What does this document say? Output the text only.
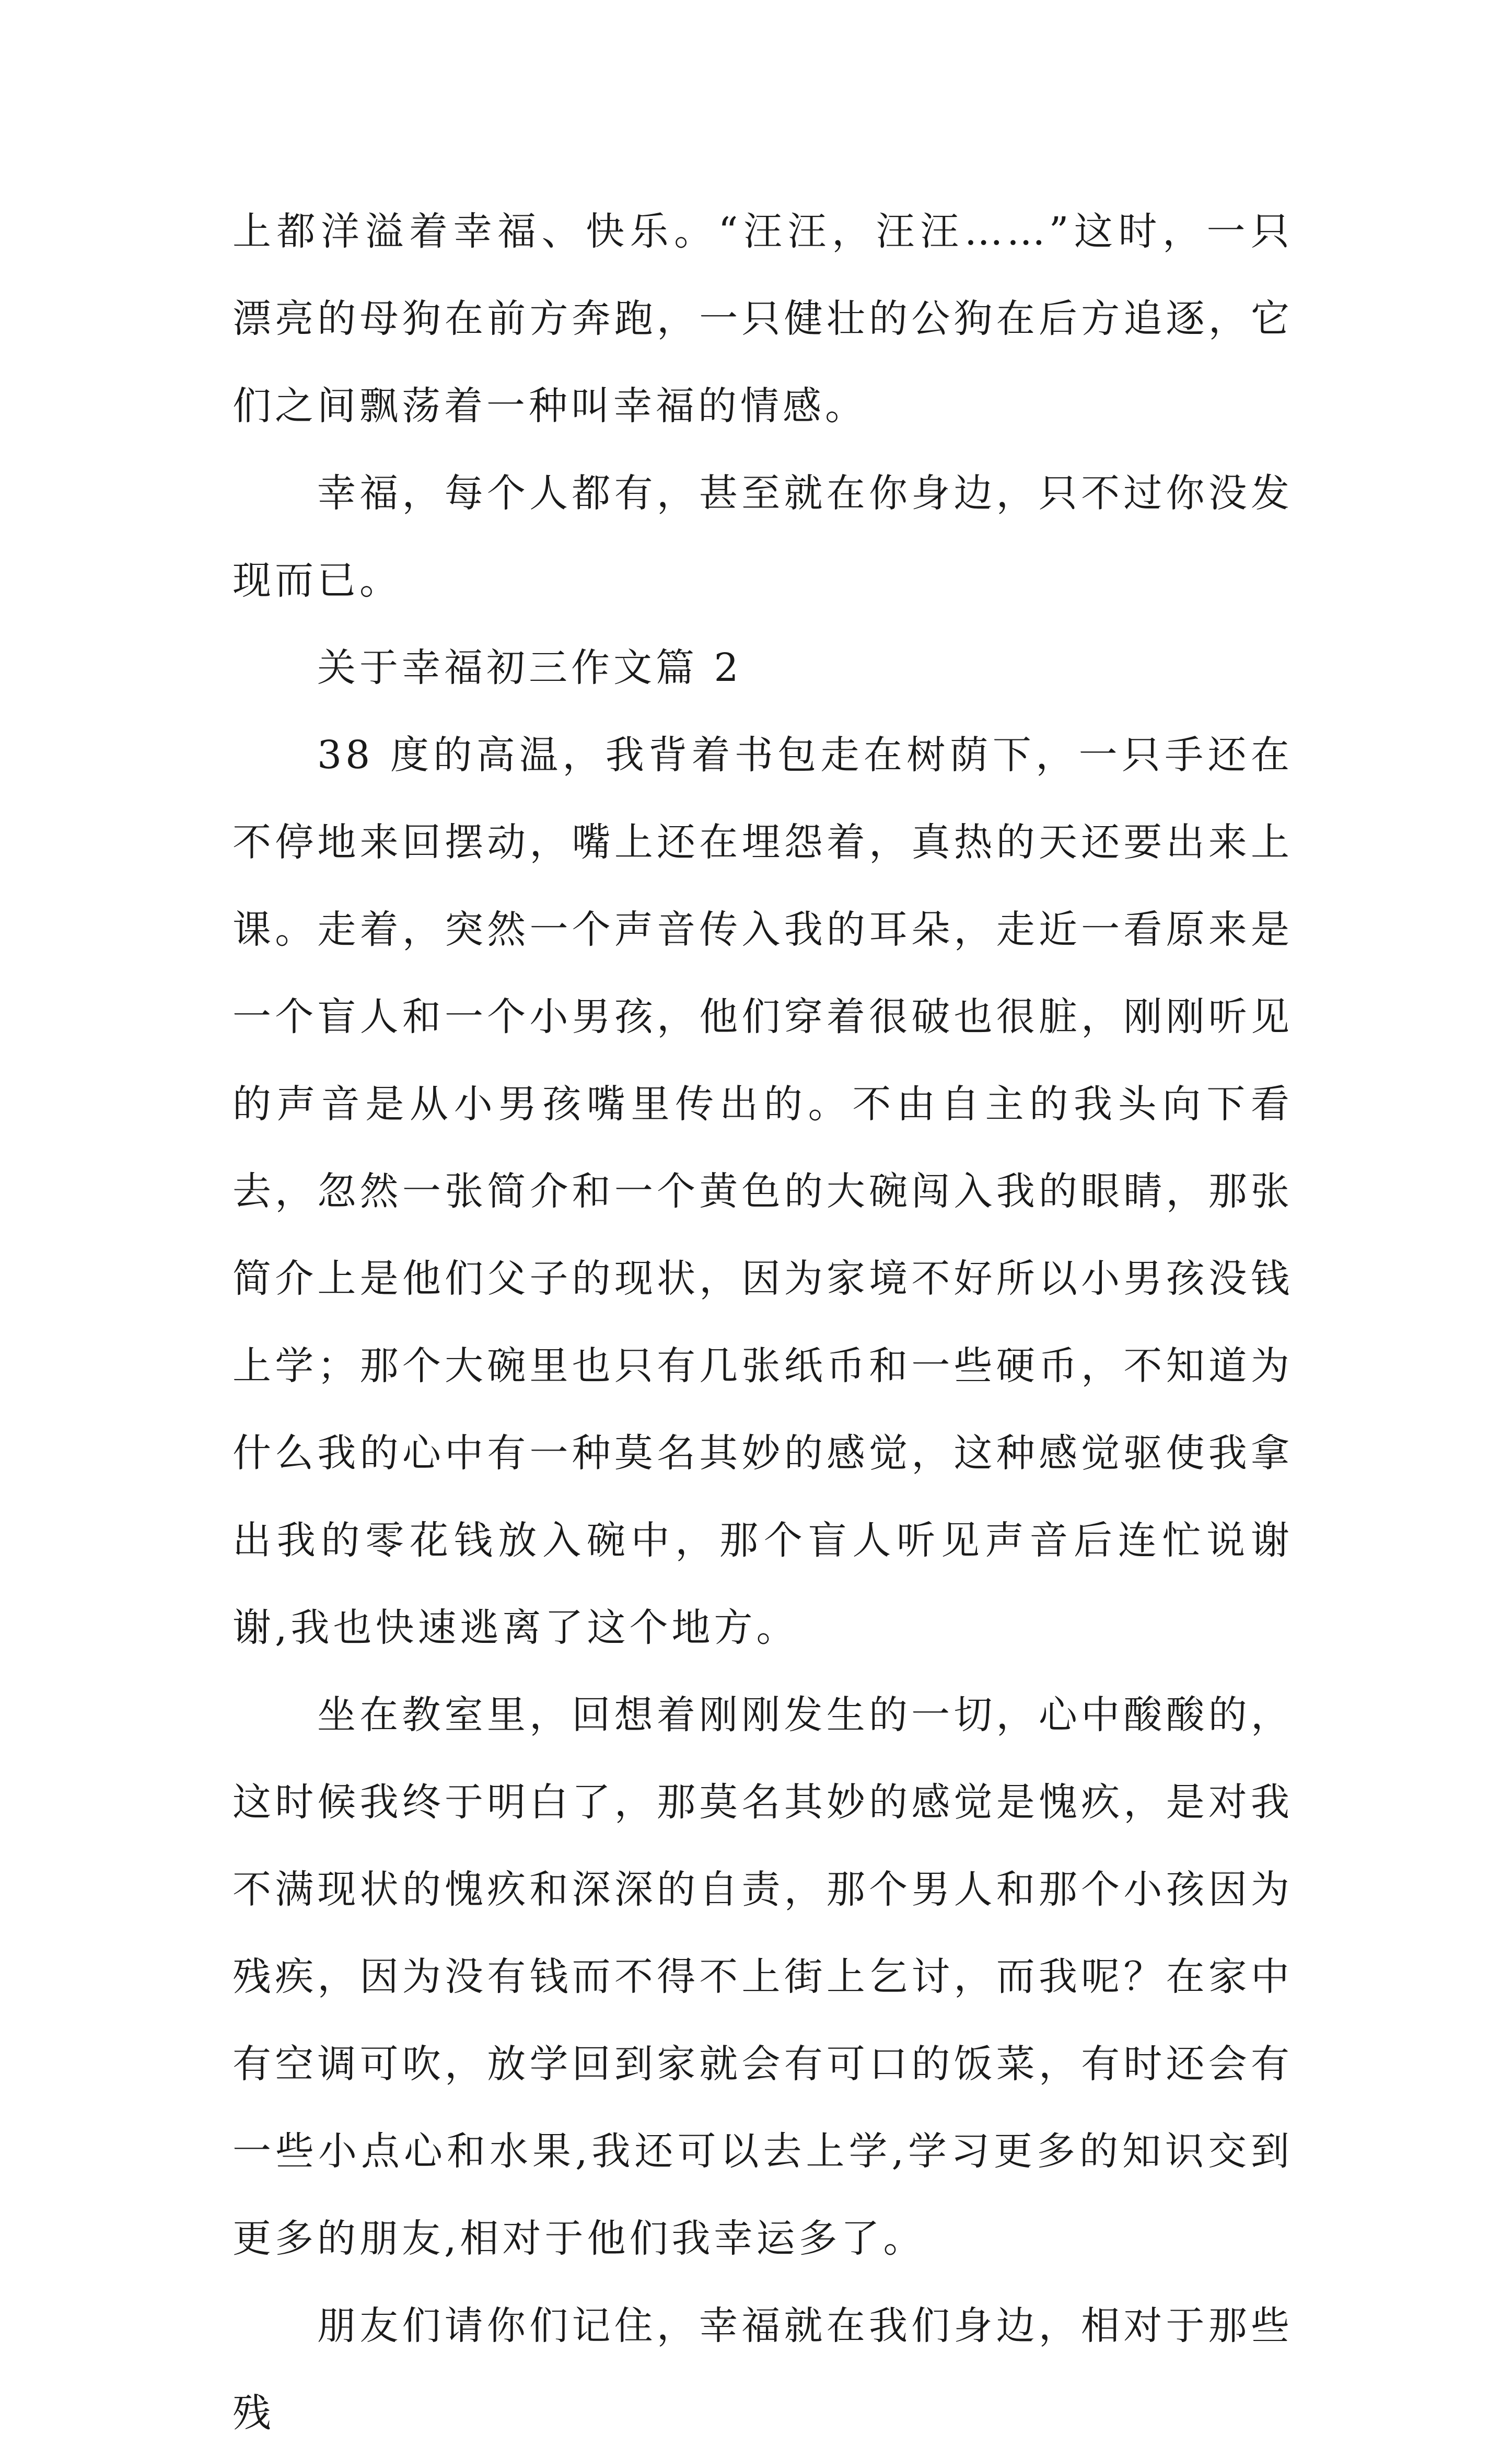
上都洋溢着幸福、快乐。“汪汪，汪汪……”这时，一只漂亮的母狗在前方奔跑，一只健壮的公狗在后方追逐，它们之间飘荡着一种叫幸福的情感。

幸福，每个人都有，甚至就在你身边，只不过你没发现而已。

关于幸福初三作文篇 2

38 度的高温，我背着书包走在树荫下，一只手还在不停地来回摆动，嘴上还在埋怨着，真热的天还要出来上课。走着，突然一个声音传入我的耳朵，走近一看原来是一个盲人和一个小男孩，他们穿着很破也很脏，刚刚听见的声音是从小男孩嘴里传出的。不由自主的我头向下看去，忽然一张简介和一个黄色的大碗闯入我的眼睛，那张简介上是他们父子的现状，因为家境不好所以小男孩没钱上学；那个大碗里也只有几张纸币和一些硬币，不知道为什么我的心中有一种莫名其妙的感觉，这种感觉驱使我拿出我的零花钱放入碗中，那个盲人听见声音后连忙说谢谢,我也快速逃离了这个地方。

坐在教室里，回想着刚刚发生的一切，心中酸酸的，这时候我终于明白了，那莫名其妙的感觉是愧疚，是对我不满现状的愧疚和深深的自责，那个男人和那个小孩因为残疾，因为没有钱而不得不上街上乞讨，而我呢？在家中有空调可吹，放学回到家就会有可口的饭菜，有时还会有一些小点心和水果,我还可以去上学,学习更多的知识交到更多的朋友,相对于他们我幸运多了。

朋友们请你们记住，幸福就在我们身边，相对于那些残
